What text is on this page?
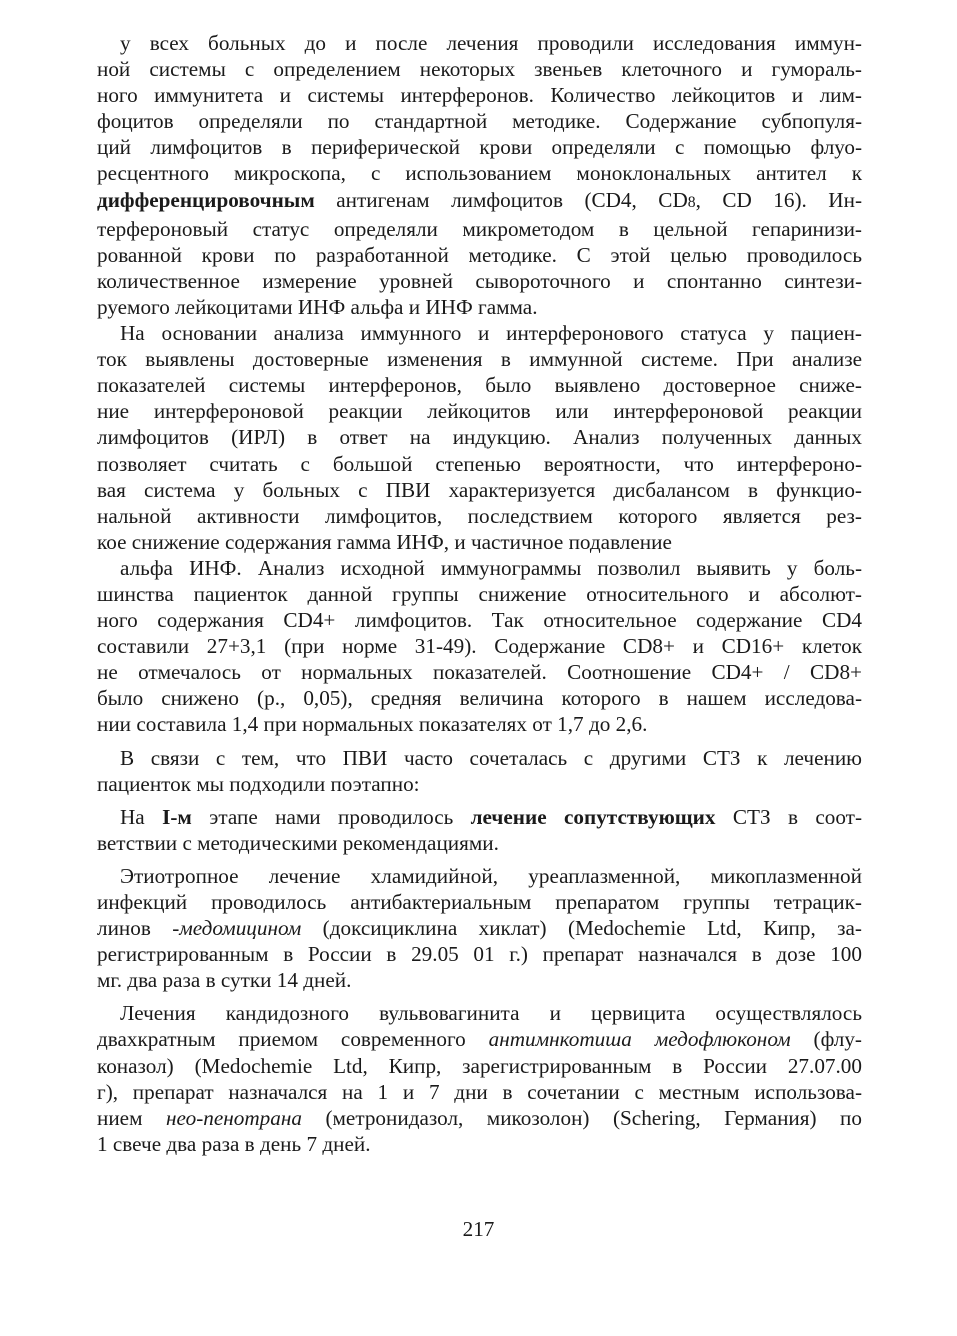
у всех больных до и после лечения проводили исследования иммун-
ной системы с определением некоторых звеньев клеточного и гумораль-
ного иммунитета и системы интерферонов. Количество лейкоцитов и лим-
фоцитов определяли по стандартной методике. Содержание субпопуля-
ций лимфоцитов в периферической крови определяли с помощью флуо-
ресцентного микроскопа, с использованием моноклональных антител к
дифференцировочным антигенам лимфоцитов (CD4, CD8, CD 16). Ин-
терфероновый статус определяли микрометодом в цельной гепаринизи-
рованной крови по разработанной методике. С этой целью проводилось
количественное измерение уровней сывороточного и спонтанно синтези-
руемого лейкоцитами ИНФ альфа и ИНФ гамма.
На основании анализа иммунного и интерферонового статуса у пациен-
ток выявлены достоверные изменения в иммунной системе. При анализе
показателей системы интерферонов, было выявлено достоверное сниже-
ние интерфероновой реакции лейкоцитов или интерфероновой реакции
лимфоцитов (ИРЛ) в ответ на индукцию. Анализ полученных данных
позволяет считать с большой степенью вероятности, что интерфероно-
вая система у больных с ПВИ характеризуется дисбалансом в функцио-
нальной активности лимфоцитов, последствием которого является рез-
кое снижение содержания гамма ИНФ, и частичное подавление
альфа ИНФ. Анализ исходной иммунограммы позволил выявить у боль-
шинства пациенток данной группы снижение относительного и абсолют-
ного содержания CD4+ лимфоцитов. Так относительное содержание CD4
составили 27+3,1 (при норме 31-49). Содержание CD8+ и CD16+ клеток
не отмечалось от нормальных показателей. Соотношение CD4+ / CD8+
было снижено (р., 0,05), средняя величина которого в нашем исследова-
нии составила 1,4 при нормальных показателях от 1,7 до 2,6.
В связи с тем, что ПВИ часто сочеталась с другими СТЗ к лечению
пациенток мы подходили поэтапно:
На I-м этапе нами проводилось лечение сопутствующих СТЗ в соот-
ветствии с методическими рекомендациями.
Этиотропное лечение хламидийной, уреаплазменной, микоплазменной
инфекций проводилось антибактериальным препаратом группы тетрацик-
линов -медомицином (доксициклина хиклат) (Medochemie Ltd, Кипр, за-
регистрированным в России в 29.05 01 г.) препарат назначался в дозе 100
мг. два раза в сутки 14 дней.
Лечения кандидозного вульвовагинита и цервицита осуществлялось
двахкратным приемом современного антимнкотиша медофлюконом (флу-
коназол) (Medochemie Ltd, Кипр, зарегистрированным в России 27.07.00
г), препарат назначался на 1 и 7 дни в сочетании с местным использова-
нием нео-пенотрана (метронидазол, микозолон) (Schering, Германия) по
1 свече два раза в день 7 дней.
217
